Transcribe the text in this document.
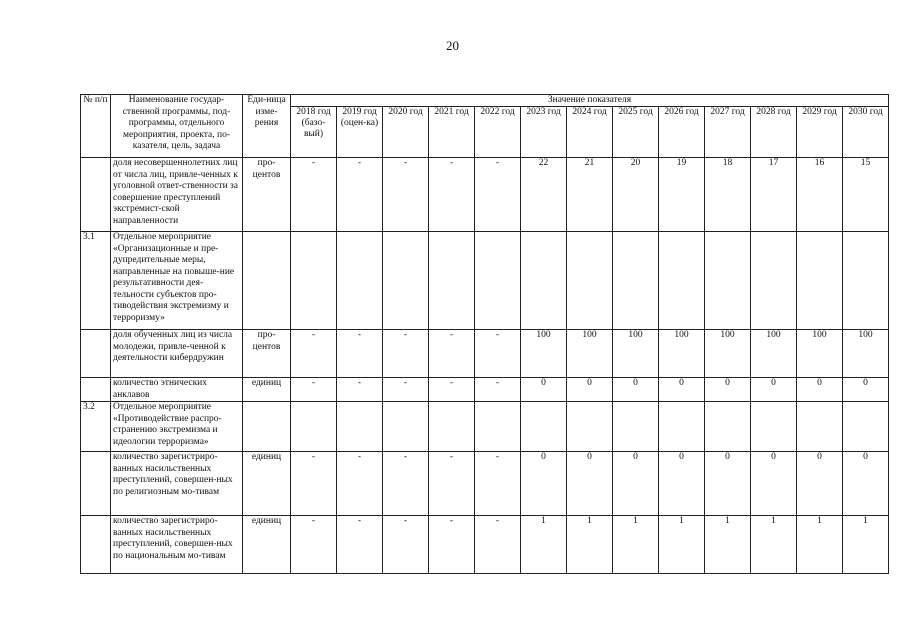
20
№ п/п	Наименование государ-ственной программы, под-программы, отдельного мероприятия, проекта, по-казателя, цель, задача	Еди-ница изме-рения	Значение показателя												
			2018 год (базо-вый)	2019 год (оцен-ка)	2020 год	2021 год	2022 год	2023 год	2024 год	2025 год	2026 год	2027 год	2028 год	2029 год	2030 год
	доля несовершеннолетних лиц от числа лиц, привле-ченных к уголовной ответ-ственности за совершение преступлений экстремист-ской направленности	про-центов	-	-	-	-	-	22	21	20	19	18	17	16	15
3.1	Отдельное мероприятие «Организационные и пре-дупредительные меры, направленные на повыше-ние результативности дея-тельности субъектов про-тиводействия экстремизму и терроризму»														
	доля обученных лиц из числа молодежи, привле-ченной к деятельности кибердружин	про-центов	-	-	-	-	-	100	100	100	100	100	100	100	100
	количество этнических анклавов	единиц	-	-	-	-	-	0	0	0	0	0	0	0	0
3.2	Отдельное мероприятие «Противодействие распро-странению экстремизма и идеологии терроризма»														
	количество зарегистриро-ванных насильственных преступлений, совершен-ных по религиозным мо-тивам	единиц	-	-	-	-	-	0	0	0	0	0	0	0	0
	количество зарегистриро-ванных насильственных преступлений, совершен-ных по национальным мо-тивам	единиц	-	-	-	-	-	1	1	1	1	1	1	1	1
